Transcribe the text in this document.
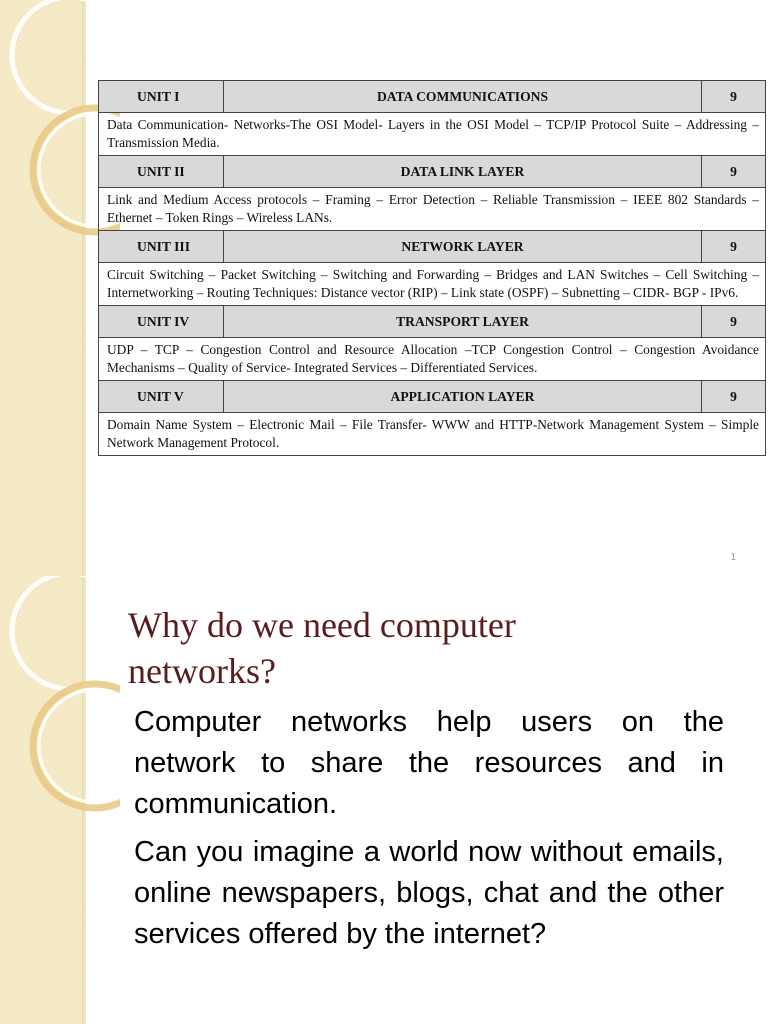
UNIT I	DATA COMMUNICATIONS	9
Data Communication- Networks-The OSI Model- Layers in the OSI Model – TCP/IP Protocol Suite – Addressing – Transmission Media.		
UNIT II	DATA LINK LAYER	9
Link and Medium Access protocols – Framing – Error Detection – Reliable Transmission – IEEE 802 Standards – Ethernet – Token Rings – Wireless LANs.		
UNIT III	NETWORK LAYER	9
Circuit Switching – Packet Switching – Switching and Forwarding – Bridges and LAN Switches – Cell Switching – Internetworking – Routing Techniques: Distance vector (RIP) – Link state (OSPF) – Subnetting – CIDR- BGP - IPv6.		
UNIT IV	TRANSPORT LAYER	9
UDP – TCP – Congestion Control and Resource Allocation –TCP Congestion Control – Congestion Avoidance Mechanisms – Quality of Service- Integrated Services – Differentiated Services.		
UNIT V	APPLICATION LAYER	9
Domain Name System – Electronic Mail – File Transfer- WWW and HTTP-Network Management System – Simple Network Management Protocol.		
1
Why do we need computer networks?

Computer networks help users on the network to share the resources and in communication.

Can you imagine a world now without emails, online newspapers, blogs, chat and the other services offered by the internet?
